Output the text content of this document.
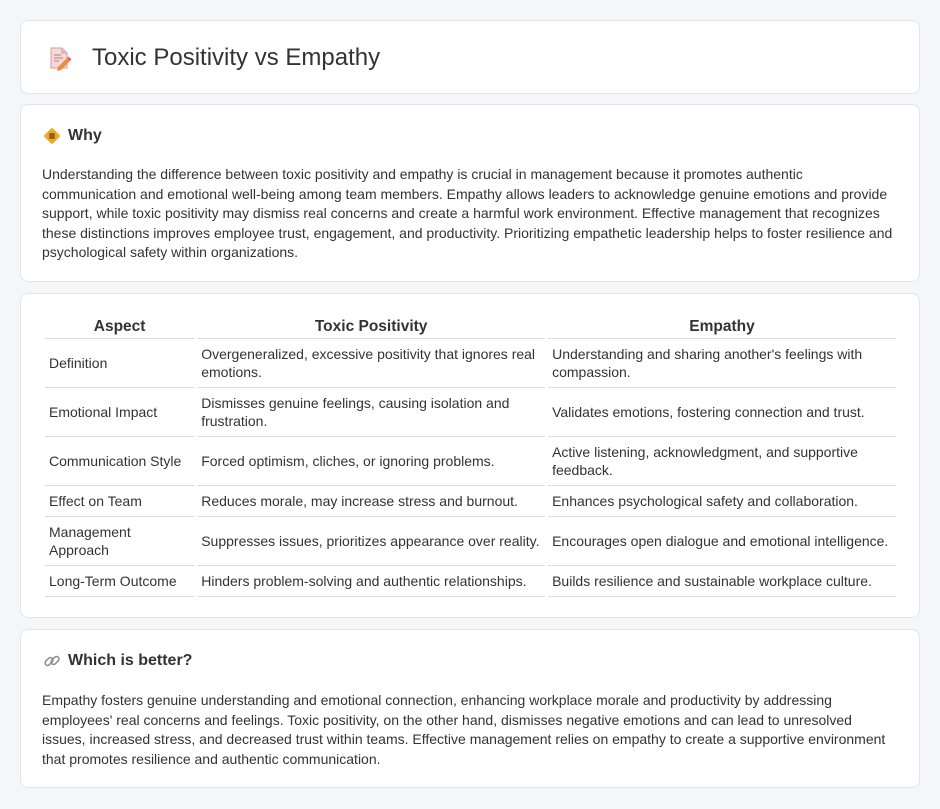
Toxic Positivity vs Empathy
Why

Understanding the difference between toxic positivity and empathy is crucial in management because it promotes authentic communication and emotional well-being among team members. Empathy allows leaders to acknowledge genuine emotions and provide support, while toxic positivity may dismiss real concerns and create a harmful work environment. Effective management that recognizes these distinctions improves employee trust, engagement, and productivity. Prioritizing empathetic leadership helps to foster resilience and psychological safety within organizations.

Aspect	Toxic Positivity	Empathy
Definition	Overgeneralized, excessive positivity that ignores real emotions.	Understanding and sharing another's feelings with compassion.
Emotional Impact	Dismisses genuine feelings, causing isolation and frustration.	Validates emotions, fostering connection and trust.
Communication Style	Forced optimism, cliches, or ignoring problems.	Active listening, acknowledgment, and supportive feedback.
Effect on Team	Reduces morale, may increase stress and burnout.	Enhances psychological safety and collaboration.
Management Approach	Suppresses issues, prioritizes appearance over reality.	Encourages open dialogue and emotional intelligence.
Long-Term Outcome	Hinders problem-solving and authentic relationships.	Builds resilience and sustainable workplace culture.
Which is better?

Empathy fosters genuine understanding and emotional connection, enhancing workplace morale and productivity by addressing employees' real concerns and feelings. Toxic positivity, on the other hand, dismisses negative emotions and can lead to unresolved issues, increased stress, and decreased trust within teams. Effective management relies on empathy to create a supportive environment that promotes resilience and authentic communication.
